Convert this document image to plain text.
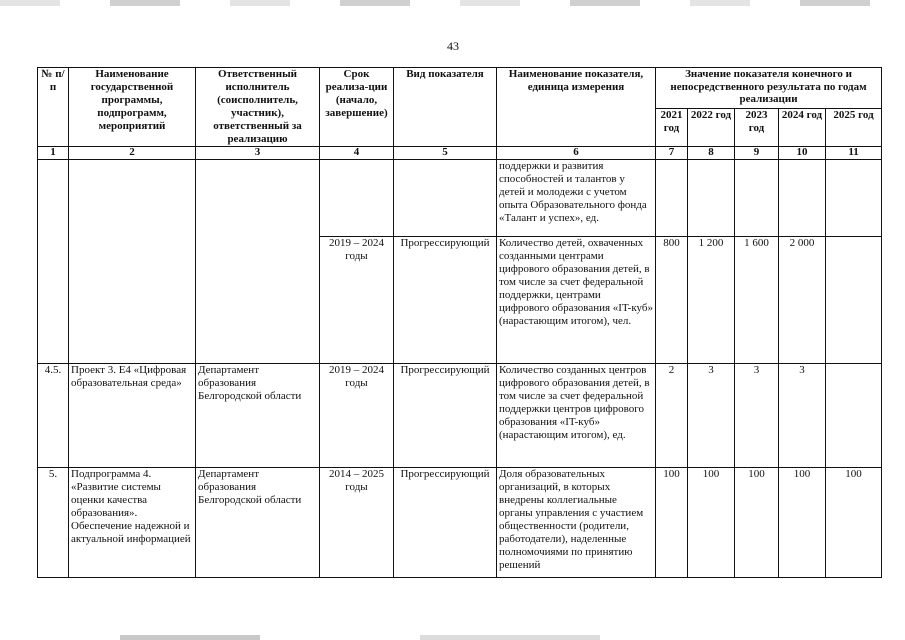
43
№ п/п	Наименование государственной программы, подпрограмм, мероприятий	Ответственный исполнитель (соисполнитель, участник), ответственный за реализацию	Срок реализа-ции (начало, завершение)	Вид показателя	Наименование показателя, единица измерения	Значение показателя конечного и непосредственного результата по годам реализации				
						2021 год	2022 год	2023 год	2024 год	2025 год
1	2	3	4	5	6	7	8	9	10	11
					поддержки и развития способностей и талантов у детей и молодежи с учетом опыта Образовательного фонда «Талант и успех», ед.					
			2019 – 2024 годы	Прогрессирующий	Количество детей, охваченных созданными центрами цифрового образования детей, в том числе за счет федеральной поддержки, центрами цифрового образования «IT-куб» (нарастающим итогом), чел.	800	1 200	1 600	2 000	
4.5.	Проект 3. Е4 «Цифровая образовательная среда»	Департамент образования Белгородской области	2019 – 2024 годы	Прогрессирующий	Количество созданных центров цифрового образования детей, в том числе за счет федеральной поддержки центров цифрового образования «IT-куб» (нарастающим итогом), ед.	2	3	3	3	
5.	Подпрограмма 4. «Развитие системы оценки качества образования». Обеспечение надежной и актуальной информацией	Департамент образования Белгородской области	2014 – 2025 годы	Прогрессирующий	Доля образовательных организаций, в которых внедрены коллегиальные органы управления с участием общественности (родители, работодатели), наделенные полномочиями по принятию решений	100	100	100	100	100
